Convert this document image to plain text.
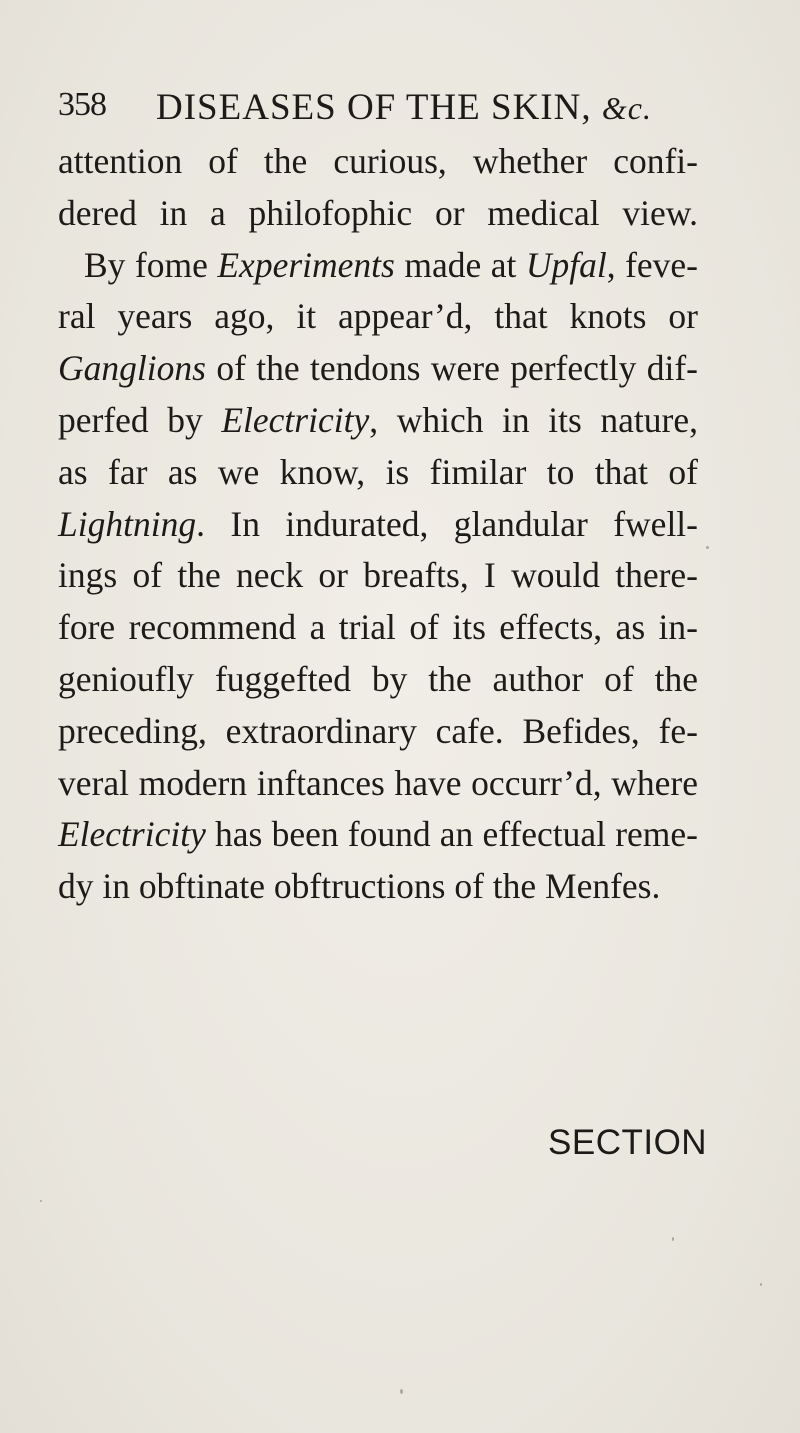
358 DISEASES OF THE SKIN, &c.
attention of the curious, whether confi-
dered in a philofophic or medical view.
By fome Experiments made at Upfal, feve-
ral years ago, it appear’d, that knots or
Ganglions of the tendons were perfectly dif-
perfed by Electricity, which in its nature,
as far as we know, is fimilar to that of
Lightning. In indurated, glandular fwell-
ings of the neck or breafts, I would there-
fore recommend a trial of its effects, as in-
genioufly fuggefted by the author of the
preceding, extraordinary cafe. Befides, fe-
veral modern inftances have occurr’d, where
Electricity has been found an effectual reme-
dy in obftinate obftructions of the Menfes.
SECTION
